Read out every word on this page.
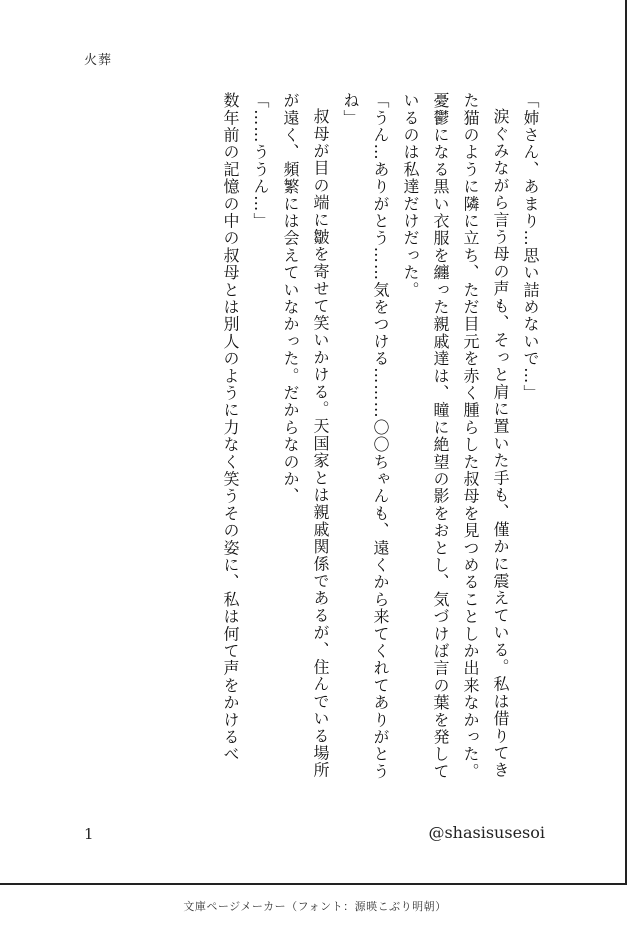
火葬

「姉さん、あまり…思い詰めないで…」

涙ぐみながら言う母の声も、そっと肩に置いた手も、僅かに震えている。私は借りてきた猫のように隣に立ち、ただ目元を赤く腫らした叔母を見つめることしか出来なかった。憂鬱になる黒い衣服を纏った親戚達は、瞳に絶望の影をおとし、気づけば言の葉を発しているのは私達だけだった。

「うん…ありがとう……気をつける………〇〇ちゃんも、遠くから来てくれてありがとうね」

叔母が目の端に皺を寄せて笑いかける。天国家とは親戚関係であるが、住んでいる場所が遠く、頻繁には会えていなかった。だからなのか、

「……ううん…」

数年前の記憶の中の叔母とは別人のように力なく笑うその姿に、私は何て声をかけるべ

1	@shasisusesoi
文庫ページメーカー（フォント：源暎こぶり明朝）
